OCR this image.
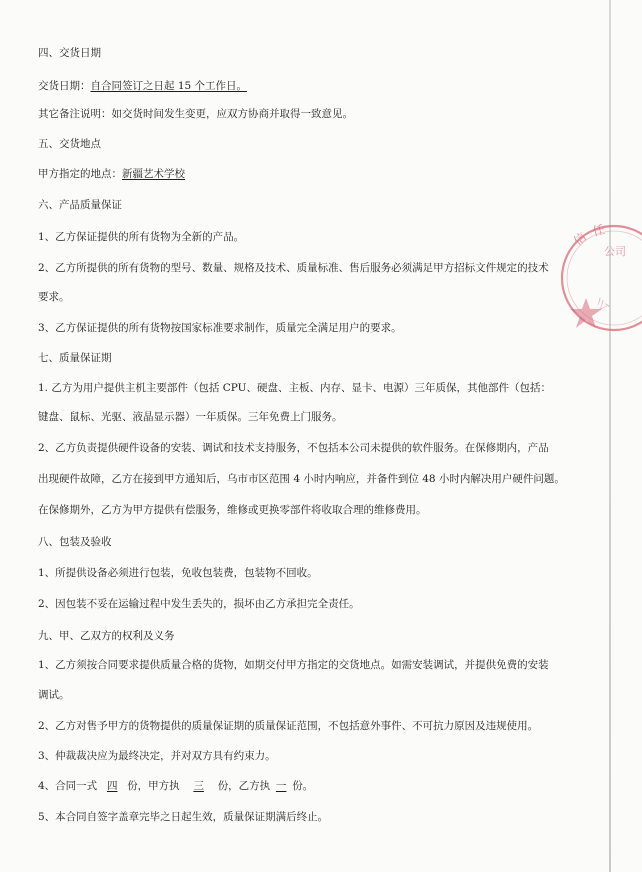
四、交货日期
交货日期：自合同签订之日起 15 个工作日。
其它备注说明：如交货时间发生变更，应双方协商并取得一致意见。
五、交货地点
甲方指定的地点：新疆艺术学校
六、产品质量保证
1、乙方保证提供的所有货物为全新的产品。
2、乙方所提供的所有货物的型号、数量、规格及技术、质量标准、售后服务必须满足甲方招标文件规定的技术
要求。
3、乙方保证提供的所有货物按国家标准要求制作，质量完全满足用户的要求。
七、质量保证期
1. 乙方为用户提供主机主要部件（包括 CPU、硬盘、主板、内存、显卡、电源）三年质保，其他部件（包括：
键盘、鼠标、光驱、液晶显示器）一年质保。三年免费上门服务。
2、乙方负责提供硬件设备的安装、调试和技术支持服务，不包括本公司未提供的软件服务。在保修期内，产品
出现硬件故障，乙方在接到甲方通知后，乌市市区范围 4 小时内响应，并备件到位 48 小时内解决用户硬件问题。
在保修期外，乙方为甲方提供有偿服务，维修或更换零部件将收取合理的维修费用。
八、包装及验收
1、所提供设备必须进行包装，免收包装费，包装物不回收。
2、因包装不妥在运输过程中发生丢失的，损坏由乙方承担完全责任。
九、甲、乙双方的权利及义务
1、乙方须按合同要求提供质量合格的货物，如期交付甲方指定的交货地点。如需安装调试，并提供免费的安装
调试。
2、乙方对售予甲方的货物提供的质量保证期的质量保证范围，不包括意外事件、不可抗力原因及违规使用。
3、仲裁裁决应为最终决定，并对双方具有约束力。
4、合同一式 四 份，甲方执 三 份，乙方执 一 份。
5、本合同自签字盖章完毕之日起生效，质量保证期满后终止。
信 任
公司
么
